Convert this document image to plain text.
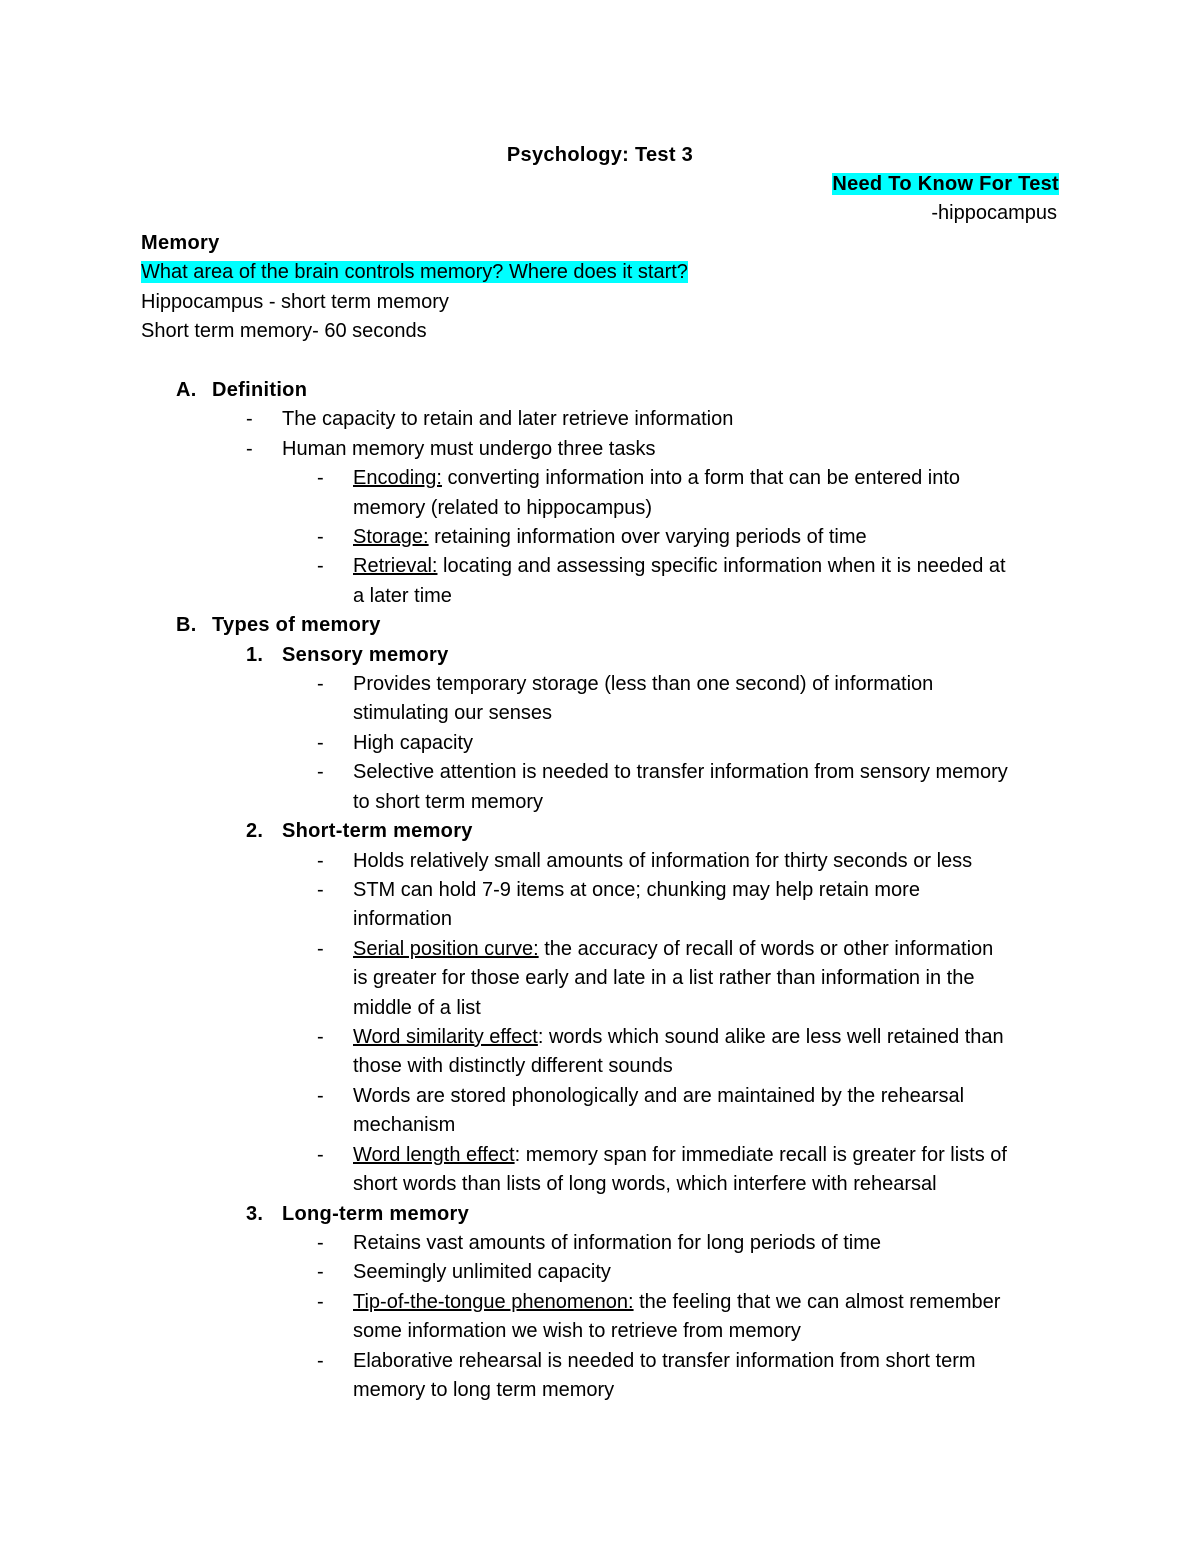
Psychology: Test 3
Need To Know For Test
-hippocampus
Memory
What area of the brain controls memory? Where does it start?
Hippocampus - short term memory
Short term memory- 60 seconds
A. Definition
- The capacity to retain and later retrieve information
- Human memory must undergo three tasks
- Encoding: converting information into a form that can be entered into
memory (related to hippocampus)
- Storage: retaining information over varying periods of time
- Retrieval: locating and assessing specific information when it is needed at
a later time
B. Types of memory
1. Sensory memory
- Provides temporary storage (less than one second) of information
stimulating our senses
- High capacity
- Selective attention is needed to transfer information from sensory memory
to short term memory
2. Short-term memory
- Holds relatively small amounts of information for thirty seconds or less
- STM can hold 7-9 items at once; chunking may help retain more
information
- Serial position curve: the accuracy of recall of words or other information
is greater for those early and late in a list rather than information in the
middle of a list
- Word similarity effect: words which sound alike are less well retained than
those with distinctly different sounds
- Words are stored phonologically and are maintained by the rehearsal
mechanism
- Word length effect: memory span for immediate recall is greater for lists of
short words than lists of long words, which interfere with rehearsal
3. Long-term memory
- Retains vast amounts of information for long periods of time
- Seemingly unlimited capacity
- Tip-of-the-tongue phenomenon: the feeling that we can almost remember
some information we wish to retrieve from memory
- Elaborative rehearsal is needed to transfer information from short term
memory to long term memory
